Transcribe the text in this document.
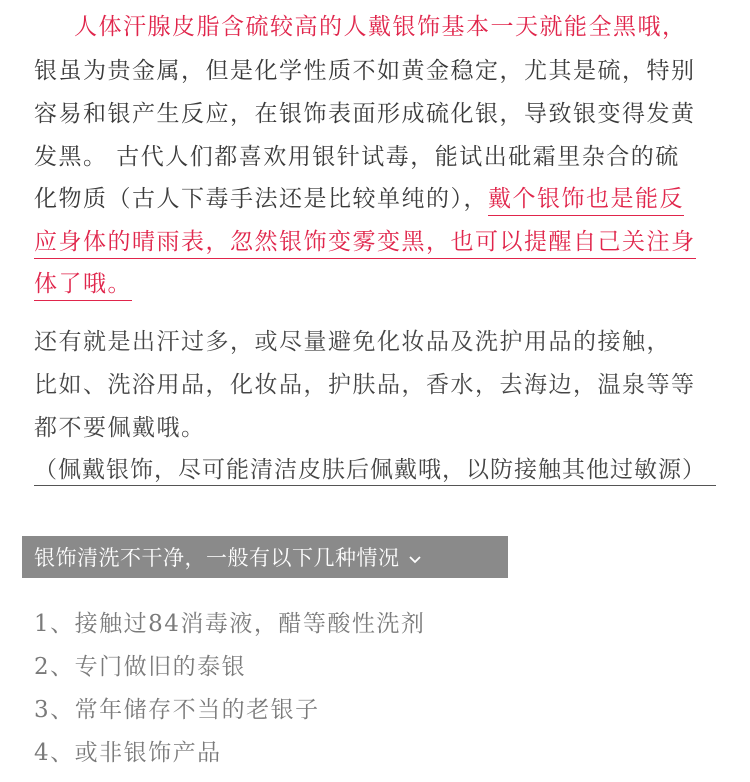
人体汗腺皮脂含硫较高的人戴银饰基本一天就能全黑哦，
银虽为贵金属，但是化学性质不如黄金稳定，尤其是硫，特别
容易和银产生反应，在银饰表面形成硫化银，导致银变得发黄
发黑。 古代人们都喜欢用银针试毒，能试出砒霜里杂合的硫
化物质（古人下毒手法还是比较单纯的），戴个银饰也是能反
应身体的晴雨表，忽然银饰变雾变黑，也可以提醒自己关注身
体了哦。
还有就是出汗过多，或尽量避免化妆品及洗护用品的接触，
比如、洗浴用品，化妆品，护肤品，香水，去海边，温泉等等
都不要佩戴哦。
（佩戴银饰，尽可能清洁皮肤后佩戴哦，以防接触其他过敏源）
银饰清洗不干净，一般有以下几种情况
1、接触过84消毒液，醋等酸性洗剂
2、专门做旧的泰银
3、常年储存不当的老银子
4、或非银饰产品
